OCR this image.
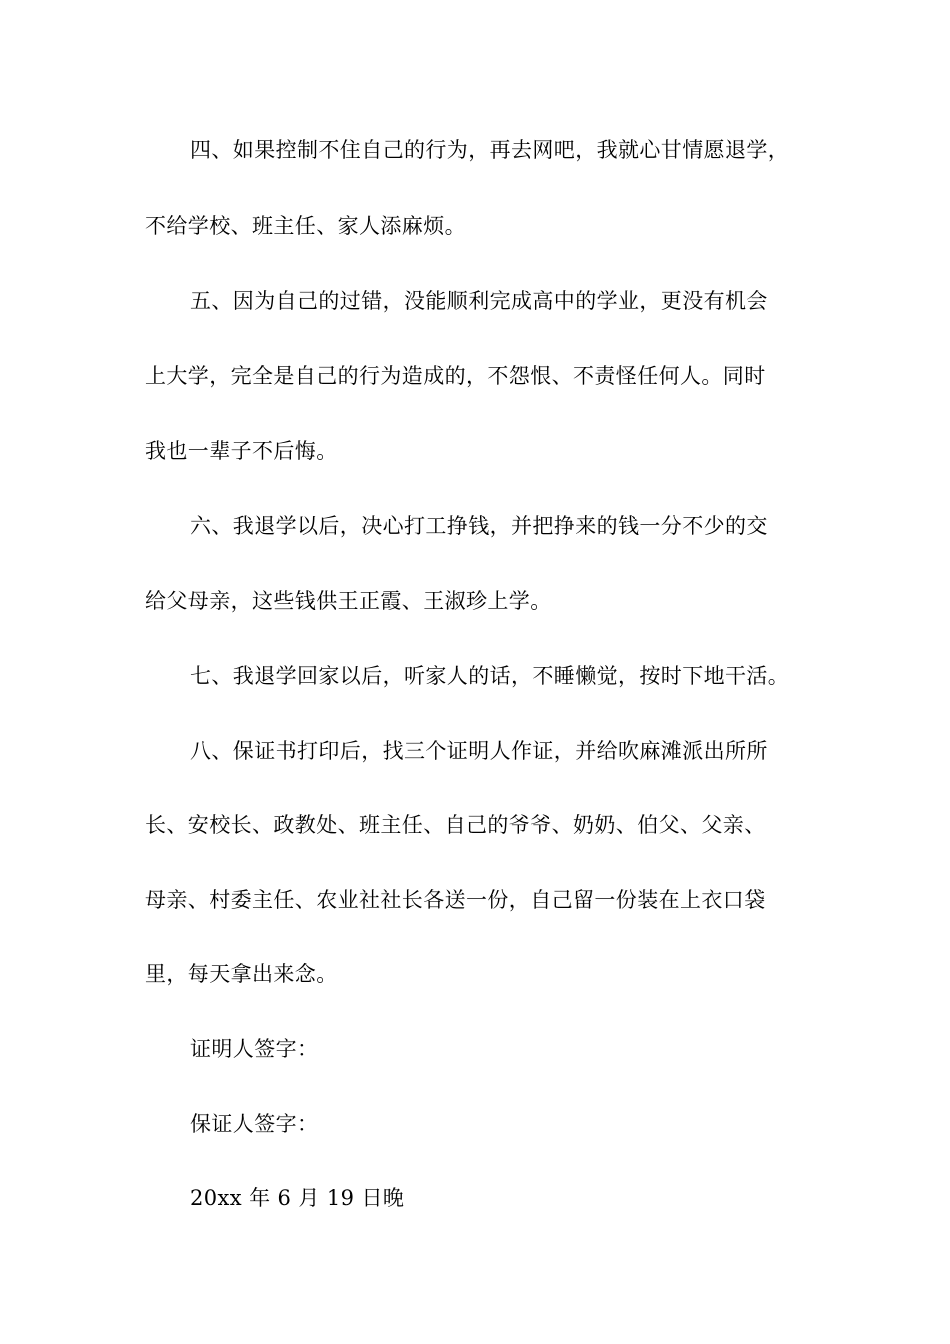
四、如果控制不住自己的行为，再去网吧，我就心甘情愿退学，
不给学校、班主任、家人添麻烦。
五、因为自己的过错，没能顺利完成高中的学业，更没有机会
上大学，完全是自己的行为造成的，不怨恨、不责怪任何人。同时
我也一辈子不后悔。
六、我退学以后，决心打工挣钱，并把挣来的钱一分不少的交
给父母亲，这些钱供王正霞、王淑珍上学。
七、我退学回家以后，听家人的话，不睡懒觉，按时下地干活。
八、保证书打印后，找三个证明人作证，并给吹麻滩派出所所
长、安校长、政教处、班主任、自己的爷爷、奶奶、伯父、父亲、
母亲、村委主任、农业社社长各送一份，自己留一份装在上衣口袋
里，每天拿出来念。
证明人签字：
保证人签字：
20xx 年 6 月 19 日晚
